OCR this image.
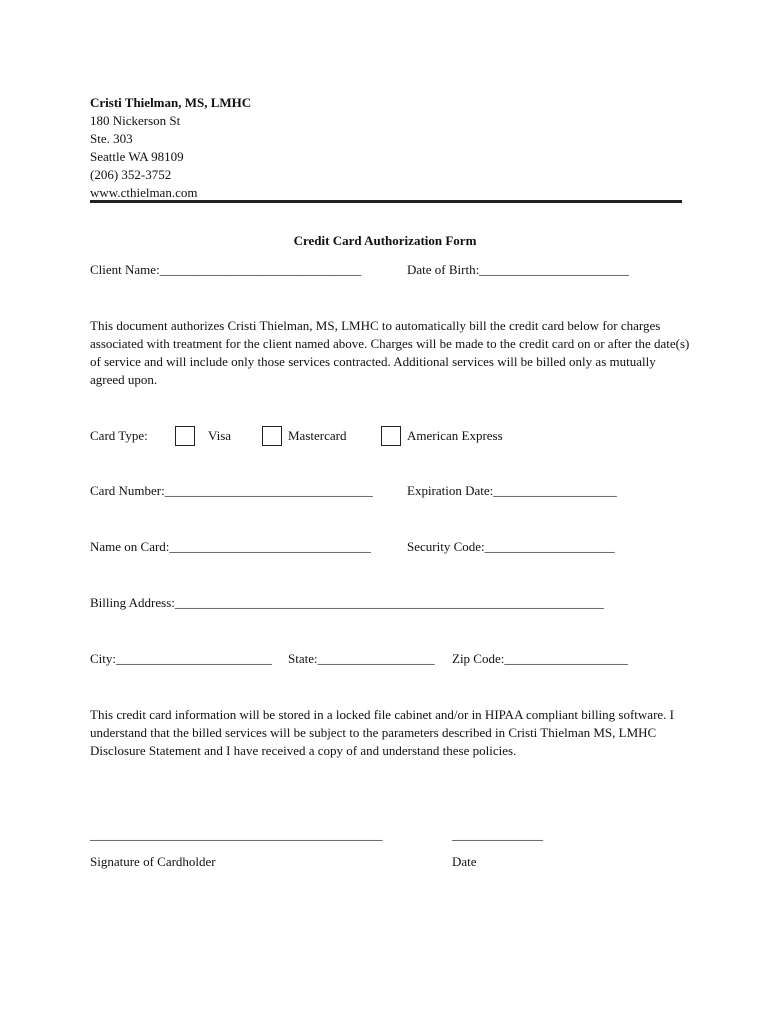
Cristi Thielman, MS, LMHC
180 Nickerson St
Ste. 303
Seattle WA 98109
(206) 352-3752
www.cthielman.com
Credit Card Authorization Form
Client Name:_______________________________	Date of Birth:_______________________
This document authorizes Cristi Thielman, MS, LMHC to automatically bill the credit card below for charges associated with treatment for the client named above. Charges will be made to the credit card on or after the date(s) of service and will include only those services contracted. Additional services will be billed only as mutually agreed upon.
Card Type:	Visa	Mastercard	American Express
Card Number:________________________________	Expiration Date:___________________
Name on Card:_______________________________	Security Code:____________________
Billing Address:__________________________________________________________________
City:________________________ State:__________________ Zip Code:___________________
This credit card information will be stored in a locked file cabinet and/or in HIPAA compliant billing software. I understand that the billed services will be subject to the parameters described in Cristi Thielman MS, LMHC Disclosure Statement and I have received a copy of and understand these policies.
_____________________________________________	______________
Signature of Cardholder	Date
